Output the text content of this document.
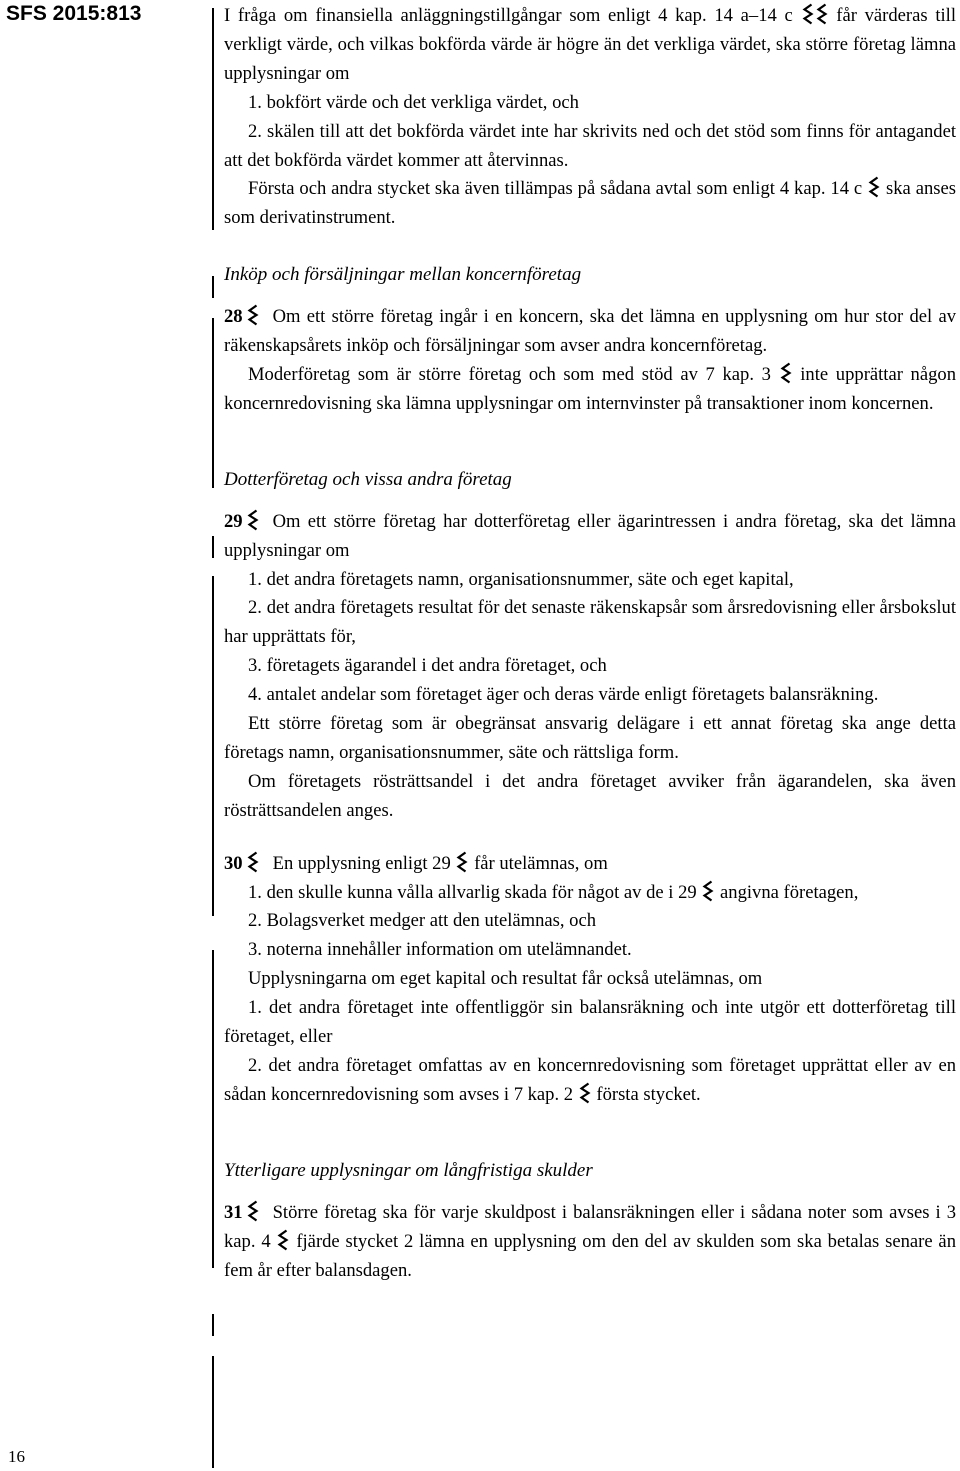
SFS 2015:813
16

I fråga om finansiella anläggningstillgångar som enligt 4 kap. 14 a–14 c får värderas till verkligt värde, och vilkas bokförda värde är högre än det verkliga värdet, ska större företag lämna upplysningar om

1. bokfört värde och det verkliga värdet, och

2. skälen till att det bokförda värdet inte har skrivits ned och det stöd som finns för antagandet att det bokförda värdet kommer att återvinnas.

Första och andra stycket ska även tillämpas på sådana avtal som enligt 4 kap. 14 c ska anses som derivatinstrument.

Inköp och försäljningar mellan koncernföretag

28 Om ett större företag ingår i en koncern, ska det lämna en upplysning om hur stor del av räkenskapsårets inköp och försäljningar som avser andra koncernföretag.

Moderföretag som är större företag och som med stöd av 7 kap. 3 inte upprättar någon koncernredovisning ska lämna upplysningar om internvinster på transaktioner inom koncernen.

Dotterföretag och vissa andra företag

29 Om ett större företag har dotterföretag eller ägarintressen i andra företag, ska det lämna upplysningar om

1. det andra företagets namn, organisationsnummer, säte och eget kapital,

2. det andra företagets resultat för det senaste räkenskapsår som årsredovisning eller årsbokslut har upprättats för,

3. företagets ägarandel i det andra företaget, och

4. antalet andelar som företaget äger och deras värde enligt företagets balansräkning.

Ett större företag som är obegränsat ansvarig delägare i ett annat företag ska ange detta företags namn, organisationsnummer, säte och rättsliga form.

Om företagets rösträttsandel i det andra företaget avviker från ägarandelen, ska även rösträttsandelen anges.

30 En upplysning enligt 29 får utelämnas, om

1. den skulle kunna vålla allvarlig skada för något av de i 29 angivna företagen,

2. Bolagsverket medger att den utelämnas, och

3. noterna innehåller information om utelämnandet.

Upplysningarna om eget kapital och resultat får också utelämnas, om

1. det andra företaget inte offentliggör sin balansräkning och inte utgör ett dotterföretag till företaget, eller

2. det andra företaget omfattas av en koncernredovisning som företaget upprättat eller av en sådan koncernredovisning som avses i 7 kap. 2 första stycket.

Ytterligare upplysningar om långfristiga skulder

31 Större företag ska för varje skuldpost i balansräkningen eller i sådana noter som avses i 3 kap. 4 fjärde stycket 2 lämna en upplysning om den del av skulden som ska betalas senare än fem år efter balansdagen.
